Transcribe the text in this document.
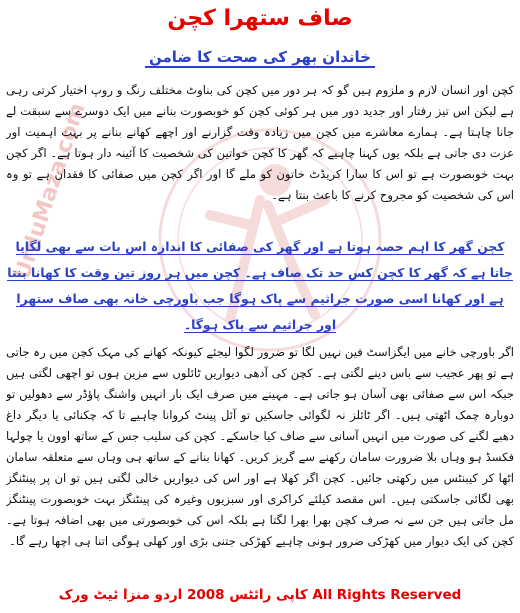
UrduMaza.com
صاف ستھرا کچن
خاندان بھر کی صحت کا ضامن
کچن اور انسان لازم و ملزوم ہیں گو کہ ہر دور میں کچن کی بناوٹ مختلف رنگ و روپ اختیار کرتی رہی ہے لیکن اس تیز رفتار اور جدید دور میں ہر کوئی کچن کو خوبصورت بنانے میں ایک دوسرے سے سبقت لے جانا چاہتا ہے۔ ہمارے معاشرے میں کچن میں زیادہ وقت گزارنے اور اچھے کھانے بنانے پر بہت اہمیت اور عزت دی جاتی ہے بلکہ یوں کہنا چاہیے کہ گھر کا کچن خواتین کی شخصیت کا آئینہ دار ہوتا ہے۔ اگر کچن بہت خوبصورت ہے تو اس کا سارا کریڈٹ خاتون کو ملے گا اور اگر کچن میں صفائی کا فقدان ہے تو وہ اس کی شخصیت کو مجروح کرنے کا باعث بنتا ہے۔
کچن گھر کا اہم حصہ ہوتا ہے اور گھر کی صفائی کا اندازہ اس بات سے بھی لگایا جاتا ہے کہ گھر کا کچن کس حد تک صاف ہے۔ کچن میں ہر روز تین وقت کا کھانا بنتا ہے اور کھانا اسی صورت جراثیم سے پاک ہوگا جب باورچی خانہ بھی صاف ستھرا اور جراثیم سے پاک ہوگا۔
اگر باورچی خانے میں ایگزاسٹ فین نہیں لگا تو ضرور لگوا لیجئے کیونکہ کھانے کی مہک کچن میں رہ جاتی ہے تو پھر عجیب سے باس دینے لگتی ہے۔ کچن کی آدھی دیواریں ٹائلوں سے مزین ہوں تو اچھی لگتی ہیں جبکہ اس سے صفائی بھی آسان ہو جاتی ہے۔ مہینے میں صرف ایک بار انہیں واشنگ پاؤڈر سے دھولیں تو دوبارہ چمک اٹھتی ہیں۔ اگر ٹائلز نہ لگوائی جاسکیں تو آئل پینٹ کروانا چاہیے تا کہ چکنائی یا دیگر داغ دھبے لگنے کی صورت میں انہیں آسانی سے صاف کیا جاسکے۔ کچن کی سلیب جس کے ساتھ اوون یا چولہا فکسڈ ہو وہاں بلا ضرورت سامان رکھنے سے گریز کریں۔ کھانا بنانے کے ساتھ ہی وہاں سے متعلقہ سامان اٹھا کر کیبنٹس میں رکھتی جائیں۔ کچن اگر کھلا ہے اور اس کی دیواریں خالی لگتی ہیں تو ان پر پینٹنگز بھی لگائی جاسکتی ہیں۔ اس مقصد کیلئے کراکری اور سبزیوں وغیرہ کی پینٹنگز بہت خوبصورت پینٹنگز مل جاتی ہیں جن سے نہ صرف کچن بھرا بھرا لگتا ہے بلکہ اس کی خوبصورتی میں بھی اضافہ ہوتا ہے۔ کچن کی ایک دیوار میں کھڑکی ضرور ہونی چاہیے کھڑکی جتنی بڑی اور کھلی ہوگی اتنا ہی اچھا رہے گا۔
کاپی رائٹس 2008 اردو منزا ئیٹ ورک All Rights Reserved
